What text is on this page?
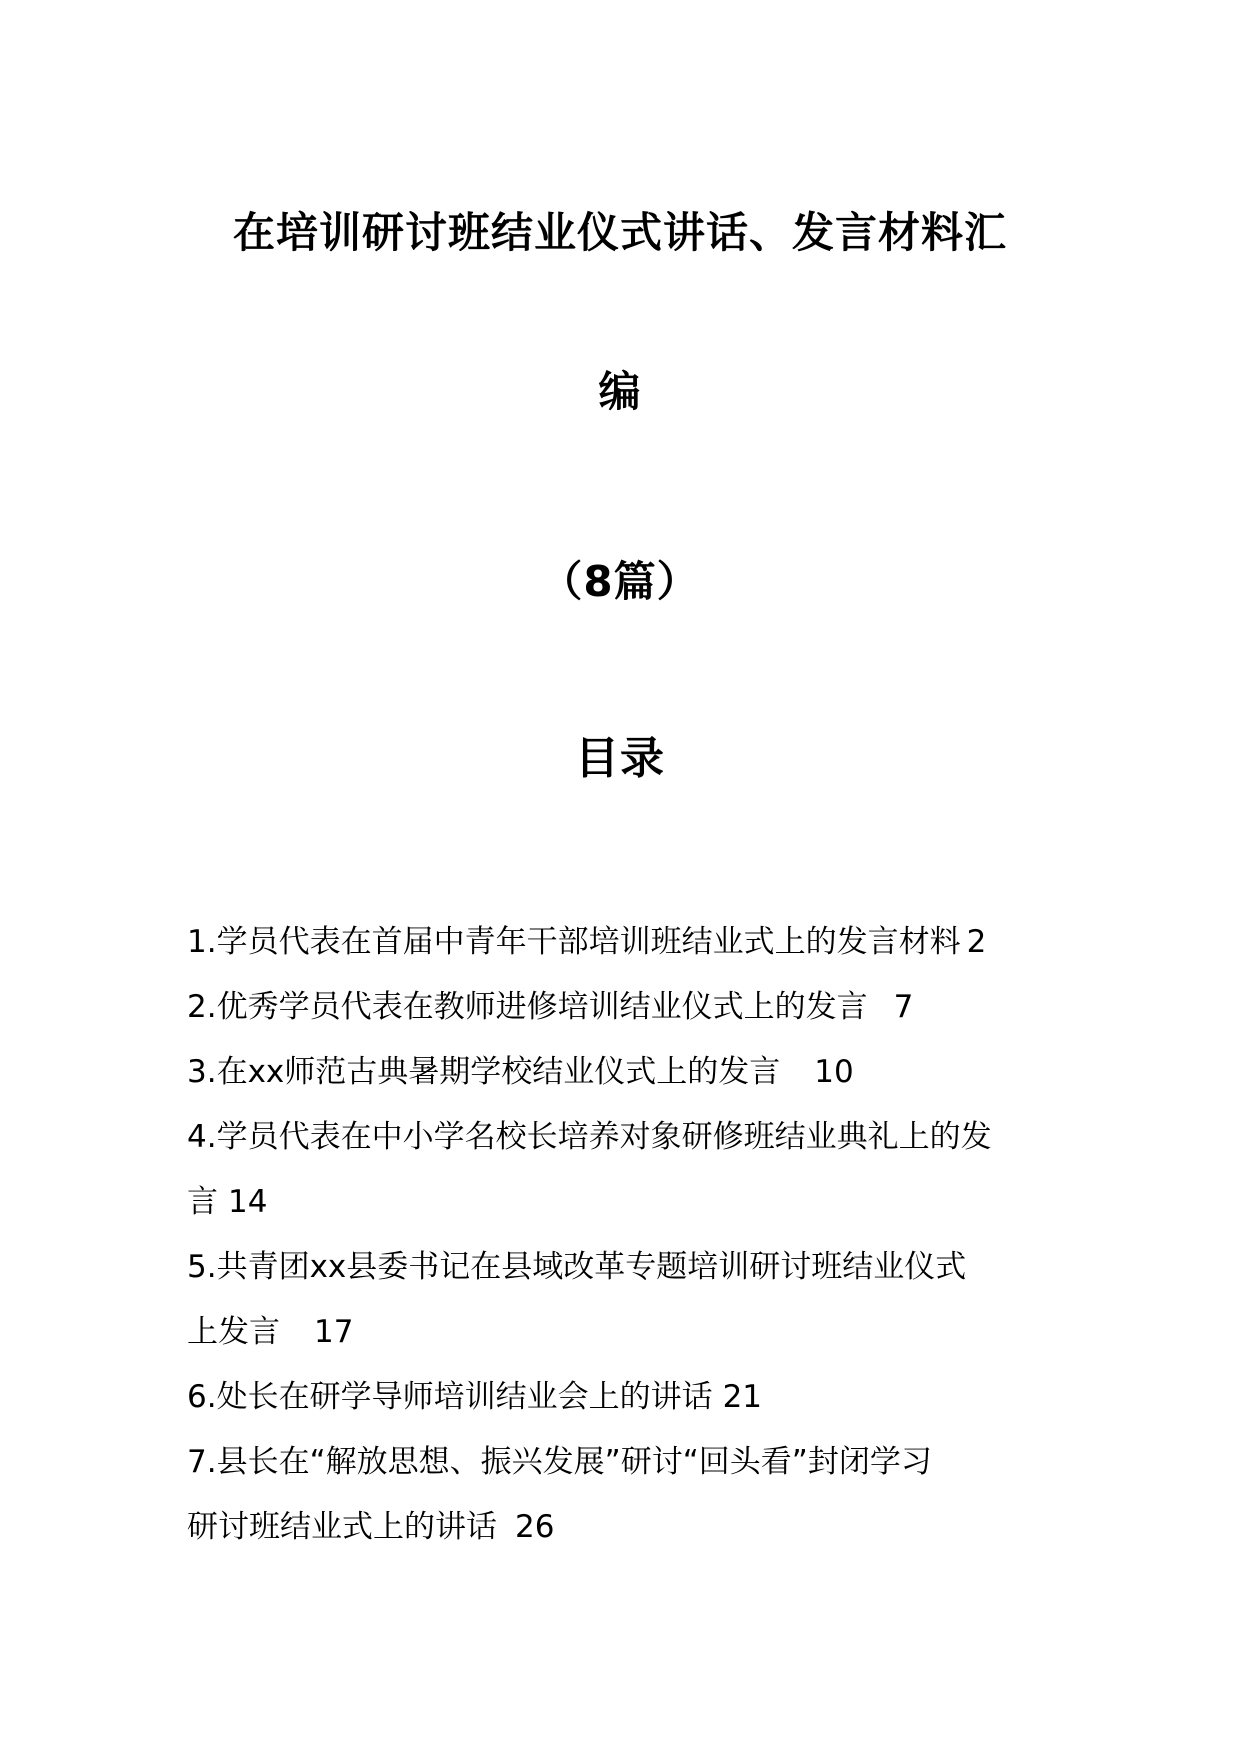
在培训研讨班结业仪式讲话、发言材料汇
编
（8篇）
目录
1.学员代表在首届中青年干部培训班结业式上的发言材料 2
2.优秀学员代表在教师进修培训结业仪式上的发言 7
3.在xx师范古典暑期学校结业仪式上的发言 10
4.学员代表在中小学名校长培养对象研修班结业典礼上的发
言 14
5.共青团xx县委书记在县域改革专题培训研讨班结业仪式
上发言 17
6.处长在研学导师培训结业会上的讲话 21
7.县长在“解放思想、振兴发展”研讨“回头看”封闭学习
研讨班结业式上的讲话 26
